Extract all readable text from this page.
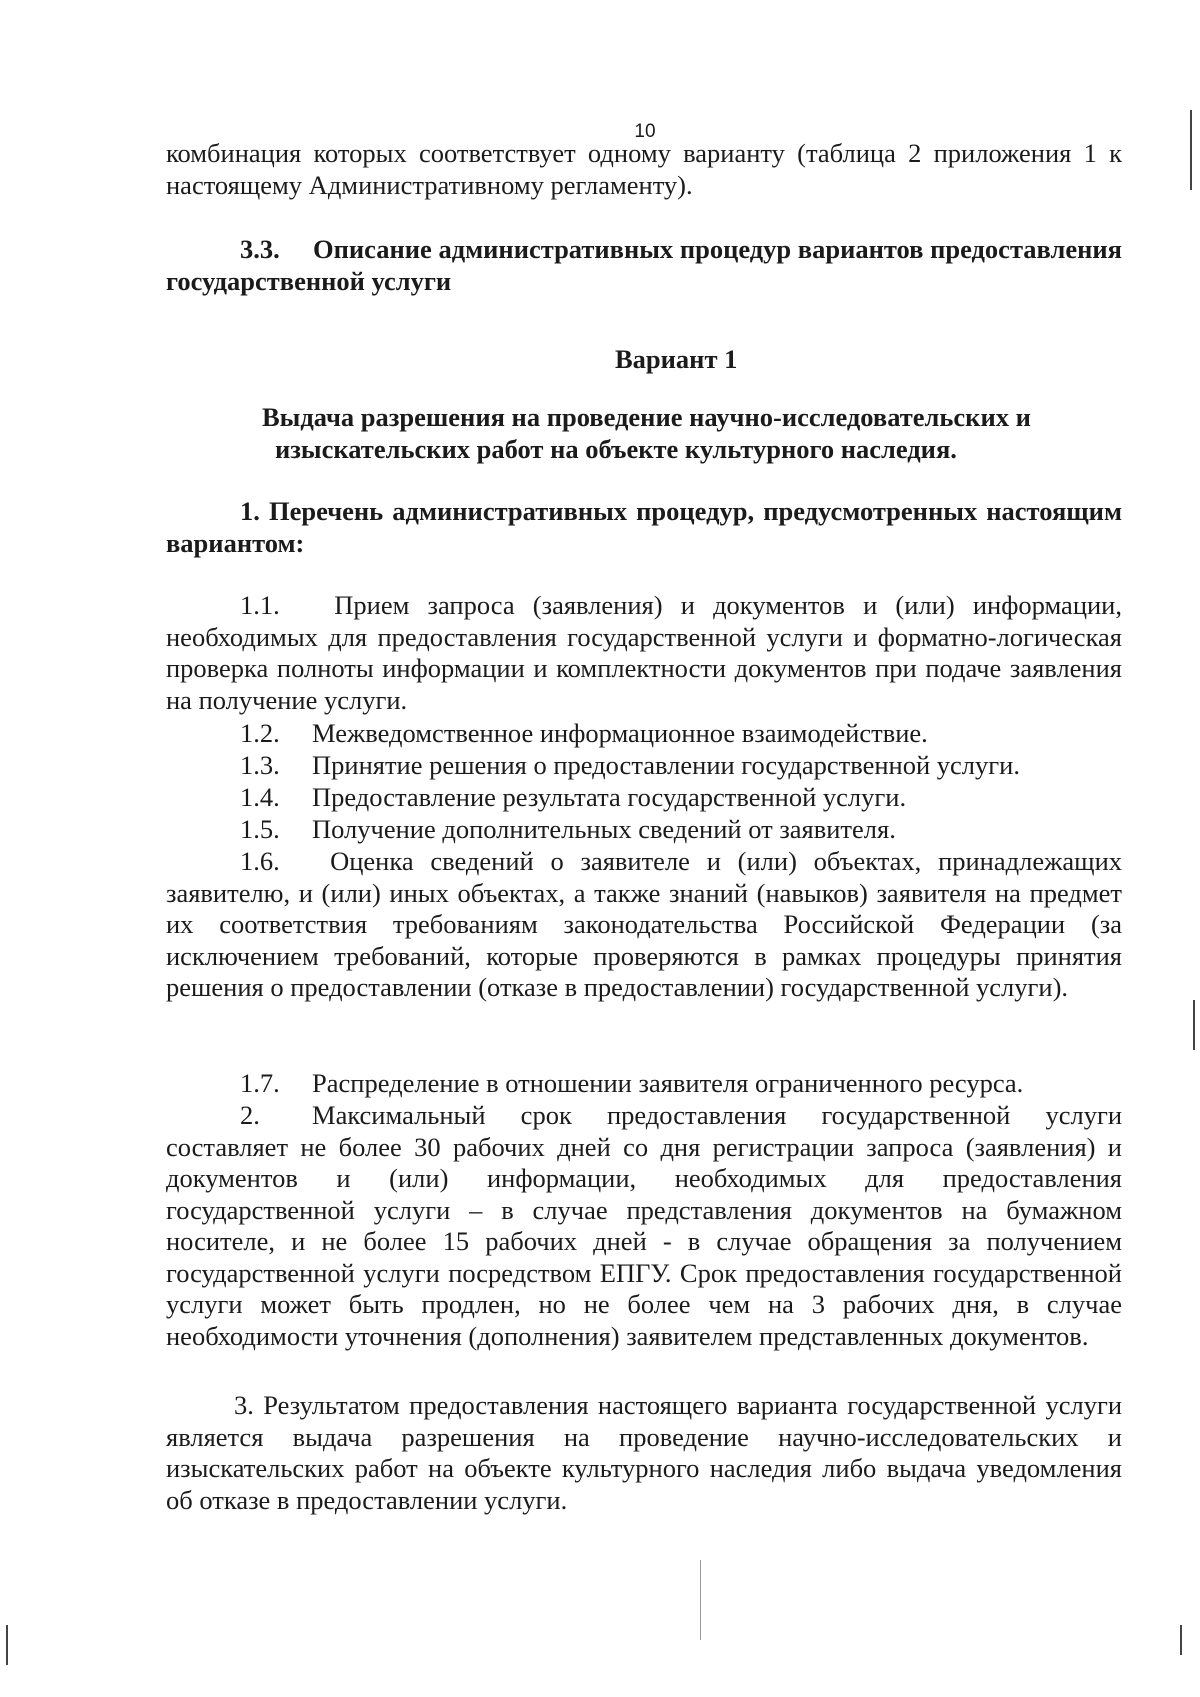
10
комбинация которых соответствует одному варианту (таблица 2 приложения 1 к настоящему Административному регламенту).
3.3. Описание административных процедур вариантов предоставления государственной услуги
Вариант 1
Выдача разрешения на проведение научно-исследовательских и
изыскательских работ на объекте культурного наследия.
1. Перечень административных процедур, предусмотренных настоящим вариантом:
1.1. Прием запроса (заявления) и документов и (или) информации, необходимых для предоставления государственной услуги и форматно-логическая проверка полноты информации и комплектности документов при подаче заявления на получение услуги.
1.2. Межведомственное информационное взаимодействие.
1.3. Принятие решения о предоставлении государственной услуги.
1.4. Предоставление результата государственной услуги.
1.5. Получение дополнительных сведений от заявителя.
1.6. Оценка сведений о заявителе и (или) объектах, принадлежащих заявителю, и (или) иных объектах, а также знаний (навыков) заявителя на предмет их соответствия требованиям законодательства Российской Федерации (за исключением требований, которые проверяются в рамках процедуры принятия решения о предоставлении (отказе в предоставлении) государственной услуги).
1.7. Распределение в отношении заявителя ограниченного ресурса.
2. Максимальный срок предоставления государственной услуги составляет не более 30 рабочих дней со дня регистрации запроса (заявления) и документов и (или) информации, необходимых для предоставления государственной услуги – в случае представления документов на бумажном носителе, и не более 15 рабочих дней - в случае обращения за получением государственной услуги посредством ЕПГУ. Срок предоставления государственной услуги может быть продлен, но не более чем на 3 рабочих дня, в случае необходимости уточнения (дополнения) заявителем представленных документов.
3. Результатом предоставления настоящего варианта государственной услуги является выдача разрешения на проведение научно-исследовательских и изыскательских работ на объекте культурного наследия либо выдача уведомления об отказе в предоставлении услуги.
